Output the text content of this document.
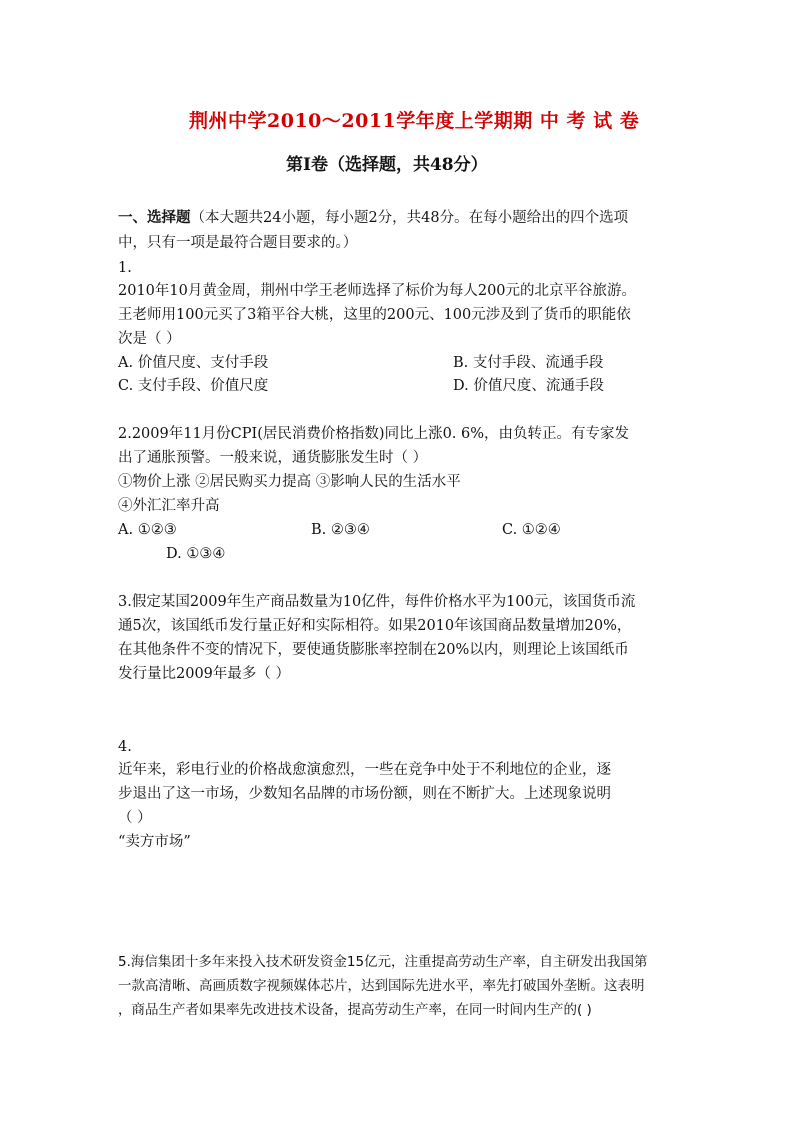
荆州中学2010～2011学年度上学期期 中 考 试 卷
第Ⅰ卷（选择题，共48分）
一、选择题（本大题共24小题，每小题2分，共48分。在每小题给出的四个选项
中，只有一项是最符合题目要求的。）
1.
2010年10月黄金周，荆州中学王老师选择了标价为每人200元的北京平谷旅游。
王老师用100元买了3箱平谷大桃，这里的200元、100元涉及到了货币的职能依
次是（ ）
A. 价值尺度、支付手段	B. 支付手段、流通手段
C. 支付手段、价值尺度	D. 价值尺度、流通手段
2.2009年11月份CPI(居民消费价格指数)同比上涨0. 6%，由负转正。有专家发
出了通胀预警。一般来说，通货膨胀发生时（ ）
①物价上涨 ②居民购买力提高 ③影响人民的生活水平
④外汇汇率升高
A. ①②③	B. ②③④	C. ①②④
D. ①③④
3.假定某国2009年生产商品数量为10亿件，每件价格水平为100元，该国货币流
通5次，该国纸币发行量正好和实际相符。如果2010年该国商品数量增加20%，
在其他条件不变的情况下，要使通货膨胀率控制在20%以内，则理论上该国纸币
发行量比2009年最多（ ）
4.
近年来，彩电行业的价格战愈演愈烈，一些在竞争中处于不利地位的企业，逐
步退出了这一市场，少数知名品牌的市场份额，则在不断扩大。上述现象说明
（ ）
“卖方市场”
5.海信集团十多年来投入技术研发资金15亿元，注重提高劳动生产率，自主研发出我国第
一款高清晰、高画质数字视频媒体芯片，达到国际先进水平，率先打破国外垄断。这表明
，商品生产者如果率先改进技术设备，提高劳动生产率，在同一时间内生产的( )
